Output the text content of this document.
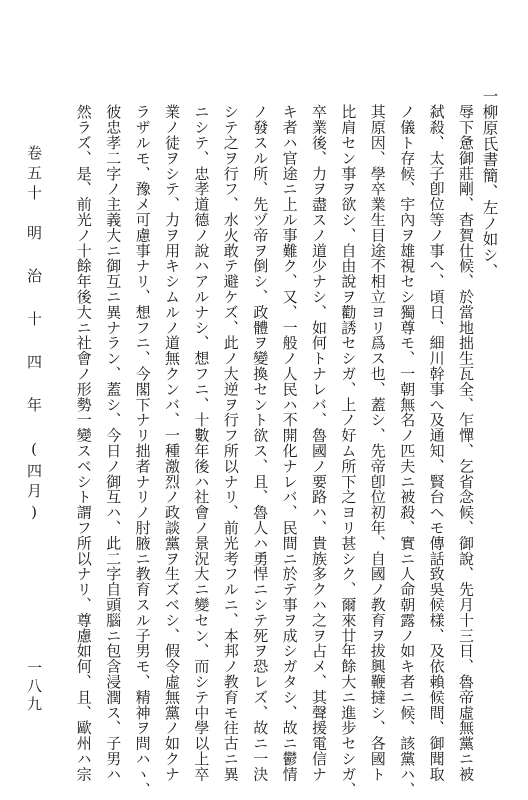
一柳原氏書簡、左ノ如シ、
辱下惫御莊剛、杳賀仕候、於當地拙生瓦全、乍憚、乞省念候、御說、先月十三日、魯帝虛無黨ニ被
弑殺、太子卽位等ノ事へ、頃日、細川幹事へ及通知、賢台ヘモ傳話致吳候樣、及依賴候間、御聞取
ノ儀ト存候、宇內ヲ雄視セシ獨尊モ、一朝無名ノ匹夫ニ被殺、實ニ人命朝露ノ如キ者ニ候、該黨ハ、
其原因、學卒業生目途不相立ヨリ爲ス也、蓋シ、先帝卽位初年、自國ノ教育ヲ拔興鞭撻シ、各國ト
比肩セン事ヲ欲シ、自由說ヲ勸誘セシガ、上ノ好ム所下之ヨリ甚シク、爾來廿年餘大ニ進步セシガ、
卒業後、力ヲ盡スノ道少ナシ、如何トナレバ、魯國ノ要路ハ、貴族多クハ之ヲ占メ、其聲援電信ナ
キ者ハ官途ニ上ル事難ク、又、一般ノ人民ハ不開化ナレバ、民間ニ於テ事ヲ成シガタシ、故ニ鬱情
ノ發スル所、先ヅ帝ヲ倒シ、政體ヲ變換セント欲ス、且、魯人ハ勇悍ニシテ死ヲ恐レズ、故ニ一決
シテ之ヲ行フ、水火敢テ避ケズ、此ノ大逆ヲ行フ所以ナリ、前光考フルニ、本邦ノ教育モ往古ニ異
ニシテ、忠孝道德ノ說ハアルナシ、想フニ、十數年後ハ社會ノ景況大ニ變セン、而シテ中學以上卒
業ノ徒ヲシテ、力ヲ用キシムルノ道無クンバ、一種激烈ノ政談黨ヲ生ズベシ、假令虛無黨ノ如クナ
ラザルモ、豫メ可慮事ナリ、想フニ、今閣下ナリ拙者ナリノ肘腋ニ教育スル子男モ、精神ヲ問ハヽ、
彼忠孝二字ノ主義大ニ御互ニ異ナラン、蓋シ、今日ノ御互ハ、此二字自頭腦ニ包含浸潤ス、子男ハ
然ラズ、是、前光ノ十餘年後大ニ社會ノ形勢一變スベシト謂フ所以ナリ、尊慮如何、且、歐州ハ宗
卷五十　明 治 十 四 年 (四月)
一八九
